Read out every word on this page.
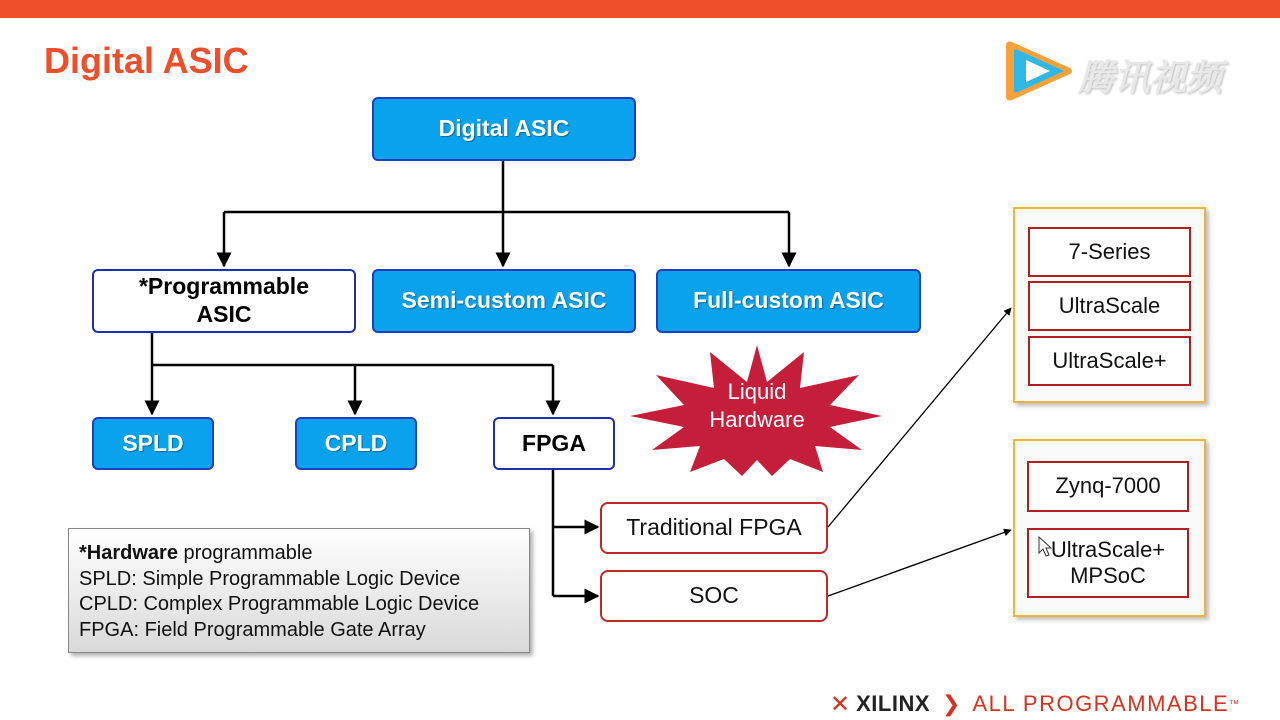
Digital ASIC	腾讯视频
Liquid
Hardware
Digital ASIC
*Programmable ASIC
Semi-custom ASIC	Full-custom ASIC
SPLD	CPLD	FPGA
Traditional FPGA
SOC
7-Series
UltraScale
UltraScale+
Zynq-7000
UltraScale+ MPSoC
*Hardware programmable
SPLD: Simple Programmable Logic Device
CPLD: Complex Programmable Logic Device
FPGA: Field Programmable Gate Array
✕ XILINX ❯ ALL PROGRAMMABLE ™
